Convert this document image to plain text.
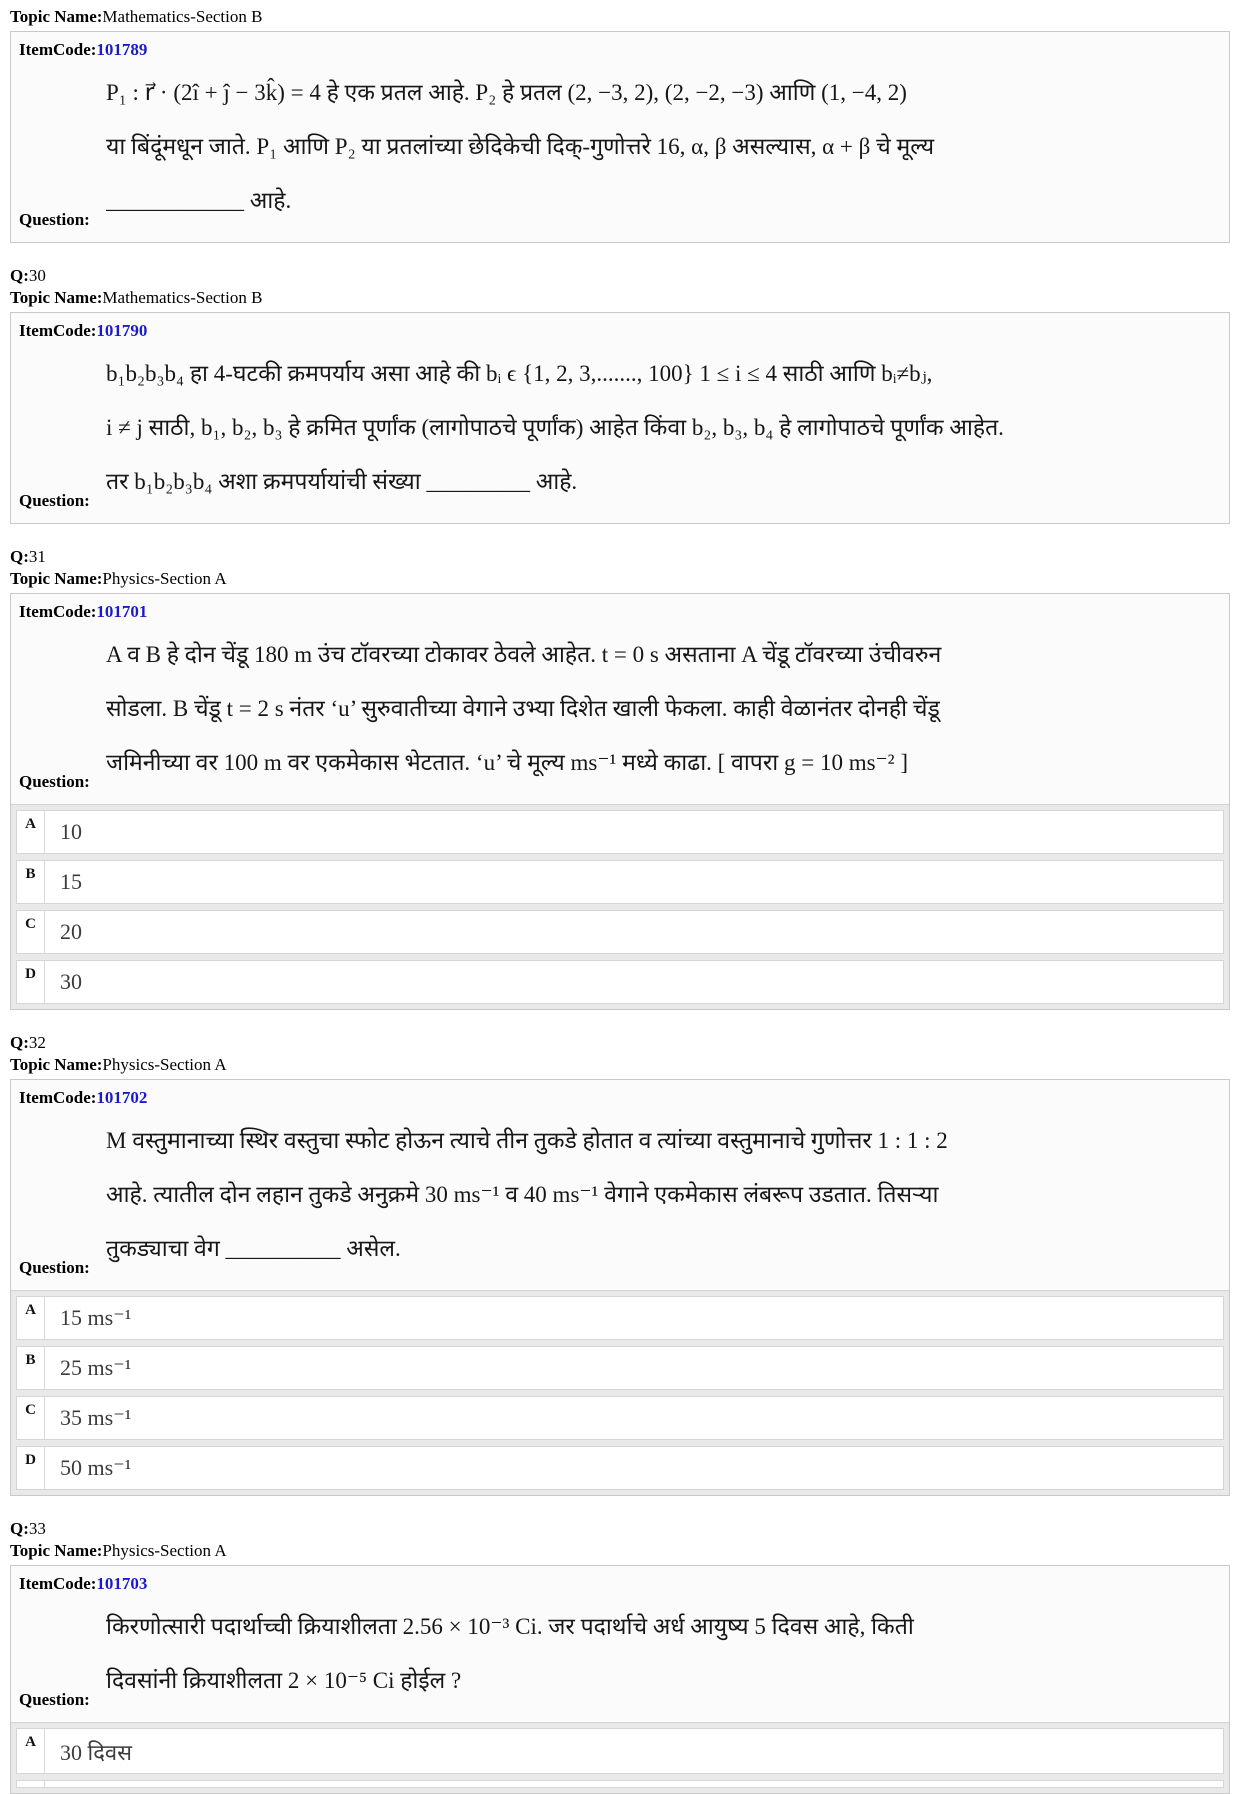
Topic Name:Mathematics-Section B
ItemCode:101789
Question:
P₁ : r⃗ · (2î + ĵ − 3k̂) = 4 हे एक प्रतल आहे. P₂ हे प्रतल (2, −3, 2), (2, −2, −3) आणि (1, −4, 2)
या बिंदूंमधून जाते. P₁ आणि P₂ या प्रतलांच्या छेदिकेची दिक्-गुणोत्तरे 16, α, β असल्यास, α + β चे मूल्य
____________ आहे.
Q:30
Topic Name:Mathematics-Section B
ItemCode:101790
Question:
b₁b₂b₃b₄ हा 4-घटकी क्रमपर्याय असा आहे की bᵢ ϵ {1, 2, 3,......., 100} 1 ≤ i ≤ 4 साठी आणि bᵢ≠bⱼ,
i ≠ j साठी, b₁, b₂, b₃ हे क्रमित पूर्णांक (लागोपाठचे पूर्णांक) आहेत किंवा b₂, b₃, b₄ हे लागोपाठचे पूर्णांक आहेत.
तर b₁b₂b₃b₄ अशा क्रमपर्यायांची संख्या _________ आहे.
Q:31
Topic Name:Physics-Section A
ItemCode:101701
Question:
A व B हे दोन चेंडू 180 m उंच टॉवरच्या टोकावर ठेवले आहेत. t = 0 s असताना A चेंडू टॉवरच्या उंचीवरुन
सोडला. B चेंडू t = 2 s नंतर ‘u’ सुरुवातीच्या वेगाने उभ्या दिशेत खाली फेकला. काही वेळानंतर दोनही चेंडू
जमिनीच्या वर 100 m वर एकमेकास भेटतात. ‘u’ चे मूल्य ms⁻¹ मध्ये काढा. [ वापरा g = 10 ms⁻² ]
A	10
B	15
C	20
D	30
Q:32
Topic Name:Physics-Section A
ItemCode:101702
Question:
M वस्तुमानाच्या स्थिर वस्तुचा स्फोट होऊन त्याचे तीन तुकडे होतात व त्यांच्या वस्तुमानाचे गुणोत्तर 1 : 1 : 2
आहे. त्यातील दोन लहान तुकडे अनुक्रमे 30 ms⁻¹ व 40 ms⁻¹ वेगाने एकमेकास लंबरूप उडतात. तिसऱ्या
तुकड्याचा वेग __________ असेल.
A	15 ms⁻¹
B	25 ms⁻¹
C	35 ms⁻¹
D	50 ms⁻¹
Q:33
Topic Name:Physics-Section A
ItemCode:101703
Question:
किरणोत्सारी पदार्थाच्ची क्रियाशीलता 2.56 × 10⁻³ Ci. जर पदार्थाचे अर्ध आयुष्य 5 दिवस आहे, किती
दिवसांनी क्रियाशीलता 2 × 10⁻⁵ Ci होईल ?
A	30 दिवस
